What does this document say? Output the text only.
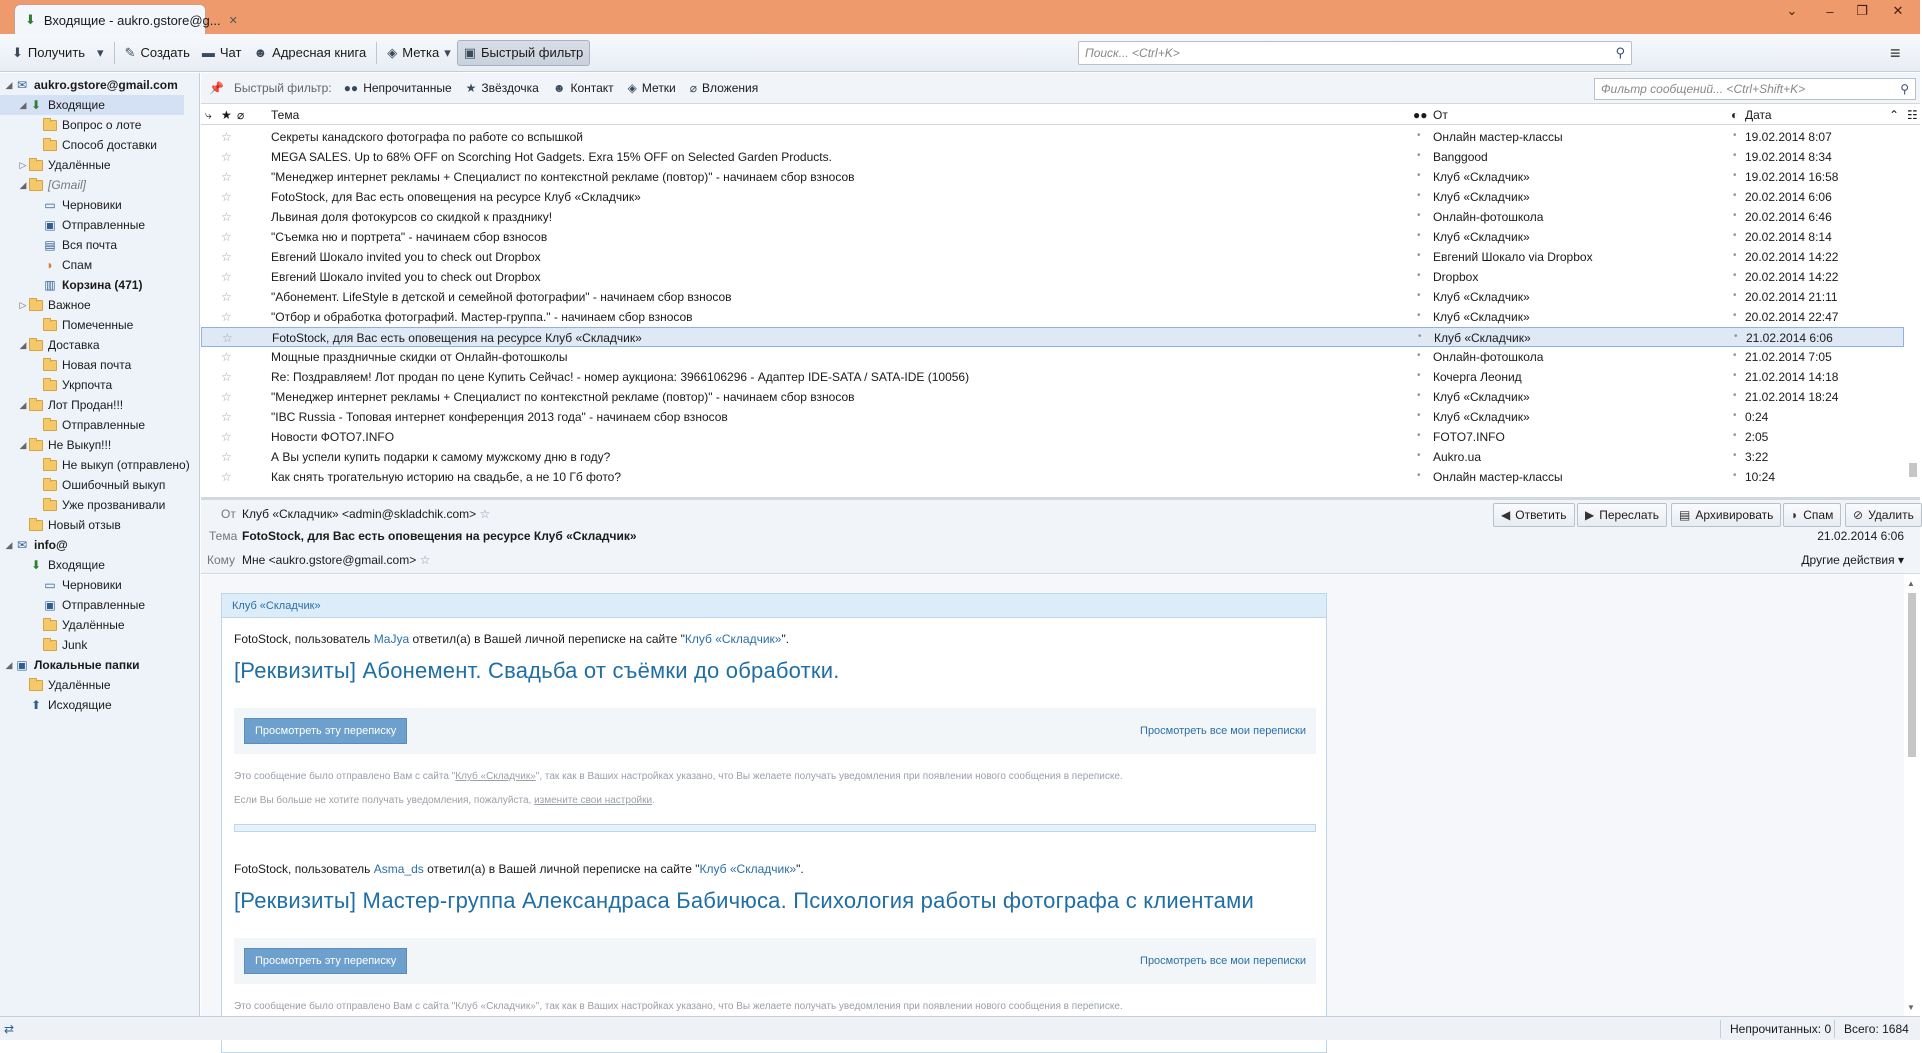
⬇ Входящие - aukro.gstore@g... ✕
⌄	–	❐	✕
⬇ Получить ▾ ✎ Создать ▬ Чат ☻ Адресная книга ◈ Метка ▾ ▣ Быстрый фильтр	Поиск... <Ctrl+K>	⚲	≡
◢ ✉ aukro.gstore@gmail.com
◢ ⬇ Входящие
Вопрос о лоте
Способ доставки
▷ Удалённые
◢ [Gmail]
▭ Черновики
▣ Отправленные
▤ Вся почта
◗ Спам
▥ Корзина (471)
▷ Важное
Помеченные
◢ Доставка
Новая почта
Укрпочта
◢ Лот Продан!!!
Отправленные
◢ Не Выкуп!!!
Не выкуп (отправлено)
Ошибочный выкуп
Уже прозванивали
Новый отзыв
◢ ✉ info@
⬇ Входящие
▭ Черновики
▣ Отправленные
Удалённые
Junk
◢ ▣ Локальные папки
Удалённые
⬆ Исходящие
📌 Быстрый фильтр: ●● Непрочитанные ★ Звёздочка ☻ Контакт ◈ Метки ⌀ Вложения	Фильтр сообщений... <Ctrl+Shift+K>	⚲
⤷ ★ ⌀ Тема	●● От	◐ Дата	⌃ ☷
☆	Секреты канадского фотографа по работе со вспышкой	• Онлайн мастер-классы	• 19.02.2014 8:07
☆	MEGA SALES. Up to 68% OFF on Scorching Hot Gadgets. Exra 15% OFF on Selected Garden Products.	• Banggood	• 19.02.2014 8:34
☆	"Менеджер интернет рекламы + Специалист по контекстной рекламе (повтор)" - начинаем сбор взносов	• Клуб «Складчик»	• 19.02.2014 16:58
☆	FotoStock, для Вас есть оповещения на ресурсе Клуб «Складчик»	• Клуб «Складчик»	• 20.02.2014 6:06
☆	Львиная доля фотокурсов со скидкой к празднику!	• Онлайн-фотошкола	• 20.02.2014 6:46
☆	"Съемка ню и портрета" - начинаем сбор взносов	• Клуб «Складчик»	• 20.02.2014 8:14
☆	Евгений Шокало invited you to check out Dropbox	• Евгений Шокало via Dropbox	• 20.02.2014 14:22
☆	Евгений Шокало invited you to check out Dropbox	• Dropbox	• 20.02.2014 14:22
☆	"Абонемент. LifeStyle в детской и семейной фотографии" - начинаем сбор взносов	• Клуб «Складчик»	• 20.02.2014 21:11
☆	"Отбор и обработка фотографий. Мастер-группа." - начинаем сбор взносов	• Клуб «Складчик»	• 20.02.2014 22:47
☆	FotoStock, для Вас есть оповещения на ресурсе Клуб «Складчик»	• Клуб «Складчик»	• 21.02.2014 6:06
☆	Мощные праздничные скидки от Онлайн-фотошколы	• Онлайн-фотошкола	• 21.02.2014 7:05
☆	Re: Поздравляем! Лот продан по цене Купить Сейчас! - номер аукциона: 3966106296 - Адаптер IDE-SATA / SATA-IDE (10056)	• Кочерга Леонид	• 21.02.2014 14:18
☆	"Менеджер интернет рекламы + Специалист по контекстной рекламе (повтор)" - начинаем сбор взносов	• Клуб «Складчик»	• 21.02.2014 18:24
☆	"IBC Russia - Топовая интернет конференция 2013 года" - начинаем сбор взносов	• Клуб «Складчик»	• 0:24
☆	Новости ФОТО7.INFO	• FOTO7.INFO	• 2:05
☆	А Вы успели купить подарки к самому мужскому дню в году?	• Aukro.ua	• 3:22
☆	Как снять трогательную историю на свадьбе, а не 10 Гб фото?	• Онлайн мастер-классы	• 10:24
От Клуб «Складчик» <admin@skladchik.com> ☆
Тема FotoStock, для Вас есть оповещения на ресурсе Клуб «Складчик»
Кому Мне <aukro.gstore@gmail.com> ☆
21.02.2014 6:06
Другие действия ▾
◀ Ответить ▶ Переслать ▤ Архивировать ◗ Спам ⊘ Удалить
Клуб «Складчик»
FotoStock, пользователь MaJya ответил(а) в Вашей личной переписке на сайте "Клуб «Складчик»".
[Реквизиты] Абонемент. Свадьба от съёмки до обработки.
Просмотреть эту переписку	Просмотреть все мои переписки
Это сообщение было отправлено Вам с сайта "Клуб «Складчик»", так как в Ваших настройках указано, что Вы желаете получать уведомления при появлении нового сообщения в переписке.
Если Вы больше не хотите получать уведомления, пожалуйста, измените свои настройки.
FotoStock, пользователь Asma_ds ответил(а) в Вашей личной переписке на сайте "Клуб «Складчик»".
[Реквизиты] Мастер-группа Александраса Бабичюса. Психология работы фотографа с клиентами
Просмотреть эту переписку	Просмотреть все мои переписки
Это сообщение было отправлено Вам с сайта "Клуб «Складчик»", так как в Ваших настройках указано, что Вы желаете получать уведомления при появлении нового сообщения в переписке.
▲
▼
⇄	Непрочитанных: 0 Всего: 1684
